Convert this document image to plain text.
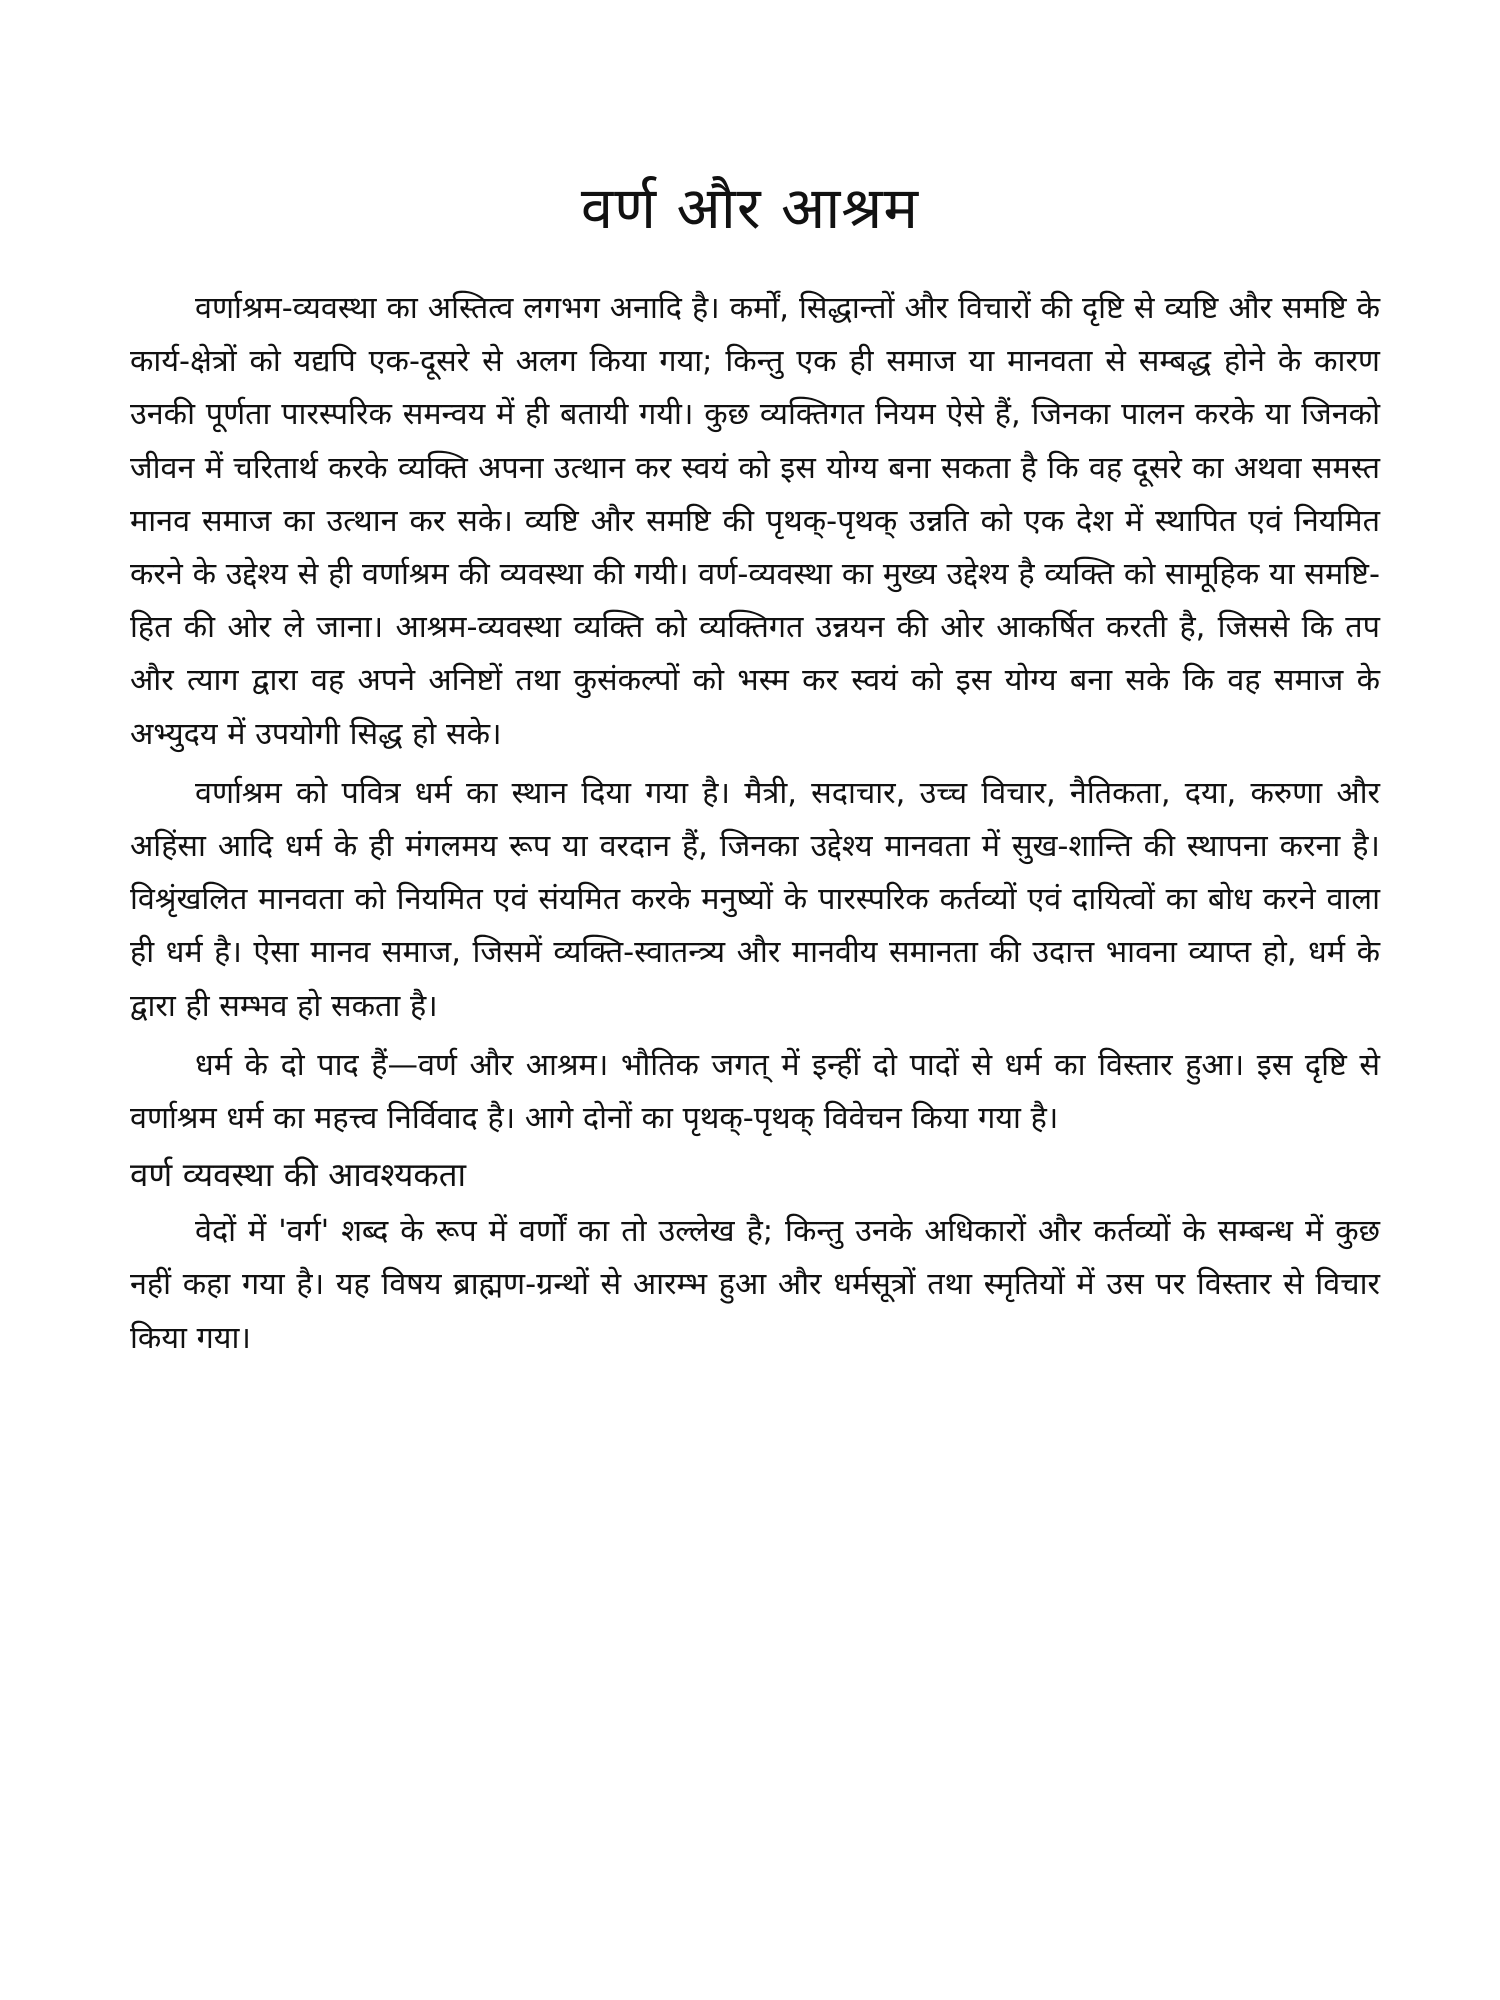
वर्ण और आश्रम

वर्णाश्रम-व्यवस्था का अस्तित्व लगभग अनादि है। कर्मों, सिद्धान्तों और विचारों की दृष्टि से व्यष्टि और समष्टि के कार्य-क्षेत्रों को यद्यपि एक-दूसरे से अलग किया गया; किन्तु एक ही समाज या मानवता से सम्बद्ध होने के कारण उनकी पूर्णता पारस्परिक समन्वय में ही बतायी गयी। कुछ व्यक्तिगत नियम ऐसे हैं, जिनका पालन करके या जिनको जीवन में चरितार्थ करके व्यक्ति अपना उत्थान कर स्वयं को इस योग्य बना सकता है कि वह दूसरे का अथवा समस्त मानव समाज का उत्थान कर सके। व्यष्टि और समष्टि की पृथक्-पृथक् उन्नति को एक देश में स्थापित एवं नियमित करने के उद्देश्य से ही वर्णाश्रम की व्यवस्था की गयी। वर्ण-व्यवस्था का मुख्य उद्देश्य है व्यक्ति को सामूहिक या समष्टि-हित की ओर ले जाना। आश्रम-व्यवस्था व्यक्ति को व्यक्तिगत उन्नयन की ओर आकर्षित करती है, जिससे कि तप और त्याग द्वारा वह अपने अनिष्टों तथा कुसंकल्पों को भस्म कर स्वयं को इस योग्य बना सके कि वह समाज के अभ्युदय में उपयोगी सिद्ध हो सके।

वर्णाश्रम को पवित्र धर्म का स्थान दिया गया है। मैत्री, सदाचार, उच्च विचार, नैतिकता, दया, करुणा और अहिंसा आदि धर्म के ही मंगलमय रूप या वरदान हैं, जिनका उद्देश्य मानवता में सुख-शान्ति की स्थापना करना है। विश्रृंखलित मानवता को नियमित एवं संयमित करके मनुष्यों के पारस्परिक कर्तव्यों एवं दायित्वों का बोध करने वाला ही धर्म है। ऐसा मानव समाज, जिसमें व्यक्ति-स्वातन्त्र्य और मानवीय समानता की उदात्त भावना व्याप्त हो, धर्म के द्वारा ही सम्भव हो सकता है।

धर्म के दो पाद हैं—वर्ण और आश्रम। भौतिक जगत् में इन्हीं दो पादों से धर्म का विस्तार हुआ। इस दृष्टि से वर्णाश्रम धर्म का महत्त्व निर्विवाद है। आगे दोनों का पृथक्-पृथक् विवेचन किया गया है।

वर्ण व्यवस्था की आवश्यकता

वेदों में 'वर्ग' शब्द के रूप में वर्णों का तो उल्लेख है; किन्तु उनके अधिकारों और कर्तव्यों के सम्बन्ध में कुछ नहीं कहा गया है। यह विषय ब्राह्मण-ग्रन्थों से आरम्भ हुआ और धर्मसूत्रों तथा स्मृतियों में उस पर विस्तार से विचार किया गया।
